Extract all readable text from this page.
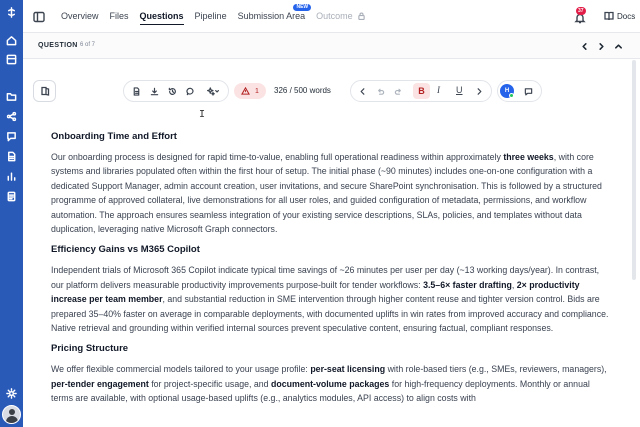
Overview Files Questions Pipeline Submission Area
NEW
Outcome	37
Docs
QUESTION 6 of 7
1 326 / 500 words	B	I U	H
I
Onboarding Time and Effort

Our onboarding process is designed for rapid time-to-value, enabling full operational readiness within approximately three weeks, with core systems and libraries populated often within the first hour of setup. The initial phase (~90 minutes) includes one-on-one configuration with a dedicated Support Manager, admin account creation, user invitations, and secure SharePoint synchronisation. This is followed by a structured programme of approved collateral, live demonstrations for all user roles, and guided configuration of metadata, permissions, and workflow automation. The approach ensures seamless integration of your existing service descriptions, SLAs, policies, and templates without data duplication, leveraging native Microsoft Graph connectors.

Efficiency Gains vs M365 Copilot

Independent trials of Microsoft 365 Copilot indicate typical time savings of ~26 minutes per user per day (~13 working days/year). In contrast, our platform delivers measurable productivity improvements purpose-built for tender workflows: 3.5–6× faster drafting, 2× productivity increase per team member, and substantial reduction in SME intervention through higher content reuse and tighter version control. Bids are prepared 35–40% faster on average in comparable deployments, with documented uplifts in win rates from improved accuracy and compliance. Native retrieval and grounding within verified internal sources prevent speculative content, ensuring factual, compliant responses.

Pricing Structure

We offer flexible commercial models tailored to your usage profile: per-seat licensing with role-based tiers (e.g., SMEs, reviewers, managers), per-tender engagement for project-specific usage, and document-volume packages for high-frequency deployments. Monthly or annual terms are available, with optional usage-based uplifts (e.g., analytics modules, API access) to align costs with
